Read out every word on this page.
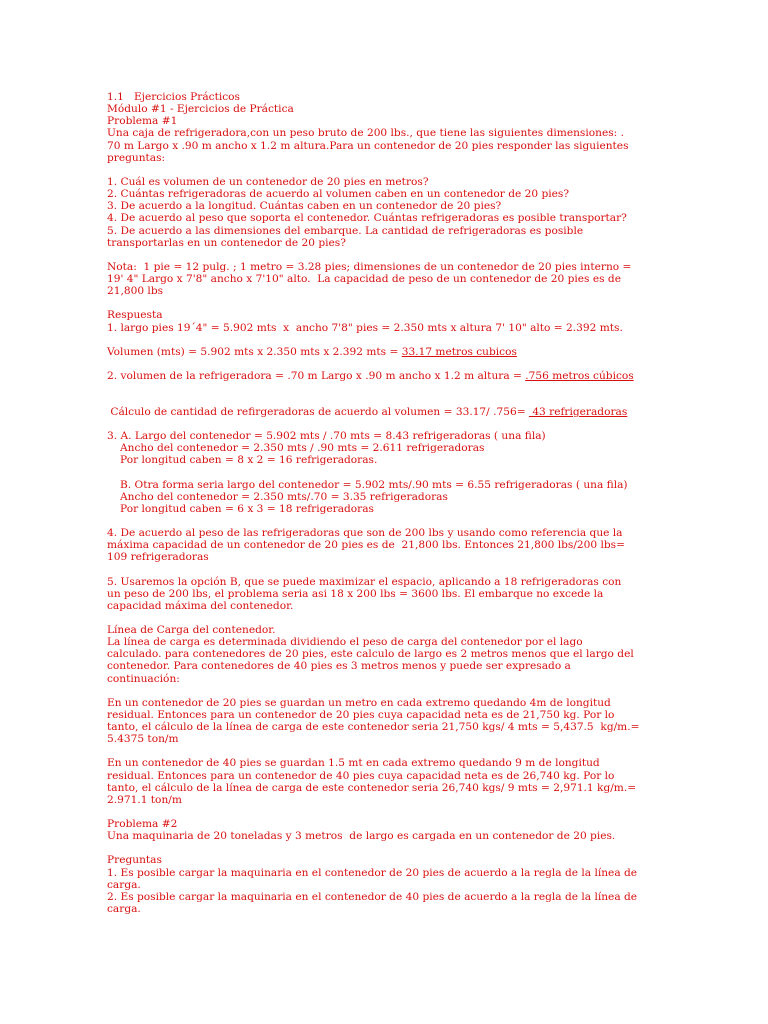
1.1   Ejercicios Prácticos
Módulo #1 - Ejercicios de Práctica
Problema #1
Una caja de refrigeradora,con un peso bruto de 200 lbs., que tiene las siguientes dimensiones: .
70 m Largo x .90 m ancho x 1.2 m altura.Para un contenedor de 20 pies responder las siguientes
preguntas:
1. Cuál es volumen de un contenedor de 20 pies en metros?
2. Cuántas refrigeradoras de acuerdo al volumen caben en un contenedor de 20 pies?
3. De acuerdo a la longitud. Cuántas caben en un contenedor de 20 pies?
4. De acuerdo al peso que soporta el contenedor. Cuántas refrigeradoras es posible transportar?
5. De acuerdo a las dimensiones del embarque. La cantidad de refrigeradoras es posible
transportarlas en un contenedor de 20 pies?
Nota:  1 pie = 12 pulg. ; 1 metro = 3.28 pies; dimensiones de un contenedor de 20 pies interno =
19' 4" Largo x 7'8" ancho x 7'10" alto.  La capacidad de peso de un contenedor de 20 pies es de
21,800 lbs
Respuesta
1. largo pies 19´4" = 5.902 mts  x  ancho 7'8" pies = 2.350 mts x altura 7' 10" alto = 2.392 mts.
Volumen (mts) = 5.902 mts x 2.350 mts x 2.392 mts = 33.17 metros cubicos
2. volumen de la refrigeradora = .70 m Largo x .90 m ancho x 1.2 m altura = .756 metros cúbicos
Cálculo de cantidad de refirgeradoras de acuerdo al volumen = 33.17/ .756=  43 refrigeradoras
3. A. Largo del contenedor = 5.902 mts / .70 mts = 8.43 refrigeradoras ( una fila)
Ancho del contenedor = 2.350 mts / .90 mts = 2.611 refrigeradoras
Por longitud caben = 8 x 2 = 16 refrigeradoras.
B. Otra forma seria largo del contenedor = 5.902 mts/.90 mts = 6.55 refrigeradoras ( una fila)
Ancho del contenedor = 2.350 mts/.70 = 3.35 refrigeradoras
Por longitud caben = 6 x 3 = 18 refrigeradoras
4. De acuerdo al peso de las refrigeradoras que son de 200 lbs y usando como referencia que la
máxima capacidad de un contenedor de 20 pies es de  21,800 lbs. Entonces 21,800 lbs/200 lbs=
109 refrigeradoras
5. Usaremos la opción B, que se puede maximizar el espacio, aplicando a 18 refrigeradoras con
un peso de 200 lbs, el problema seria asi 18 x 200 lbs = 3600 lbs. El embarque no excede la
capacidad máxima del contenedor.
Línea de Carga del contenedor.
La línea de carga es determinada dividiendo el peso de carga del contenedor por el lago
calculado. para contenedores de 20 pies, este calculo de largo es 2 metros menos que el largo del
contenedor. Para contenedores de 40 pies es 3 metros menos y puede ser expresado a
continuación:
En un contenedor de 20 pies se guardan un metro en cada extremo quedando 4m de longitud
residual. Entonces para un contenedor de 20 pies cuya capacidad neta es de 21,750 kg. Por lo
tanto, el cálculo de la línea de carga de este contenedor seria 21,750 kgs/ 4 mts = 5,437.5  kg/m.=
5.4375 ton/m
En un contenedor de 40 pies se guardan 1.5 mt en cada extremo quedando 9 m de longitud
residual. Entonces para un contenedor de 40 pies cuya capacidad neta es de 26,740 kg. Por lo
tanto, el cálculo de la línea de carga de este contenedor seria 26,740 kgs/ 9 mts = 2,971.1 kg/m.=
2.971.1 ton/m
Problema #2
Una maquinaria de 20 toneladas y 3 metros  de largo es cargada en un contenedor de 20 pies.
Preguntas
1. Es posible cargar la maquinaria en el contenedor de 20 pies de acuerdo a la regla de la línea de
carga.
2. Es posible cargar la maquinaria en el contenedor de 40 pies de acuerdo a la regla de la línea de
carga.
